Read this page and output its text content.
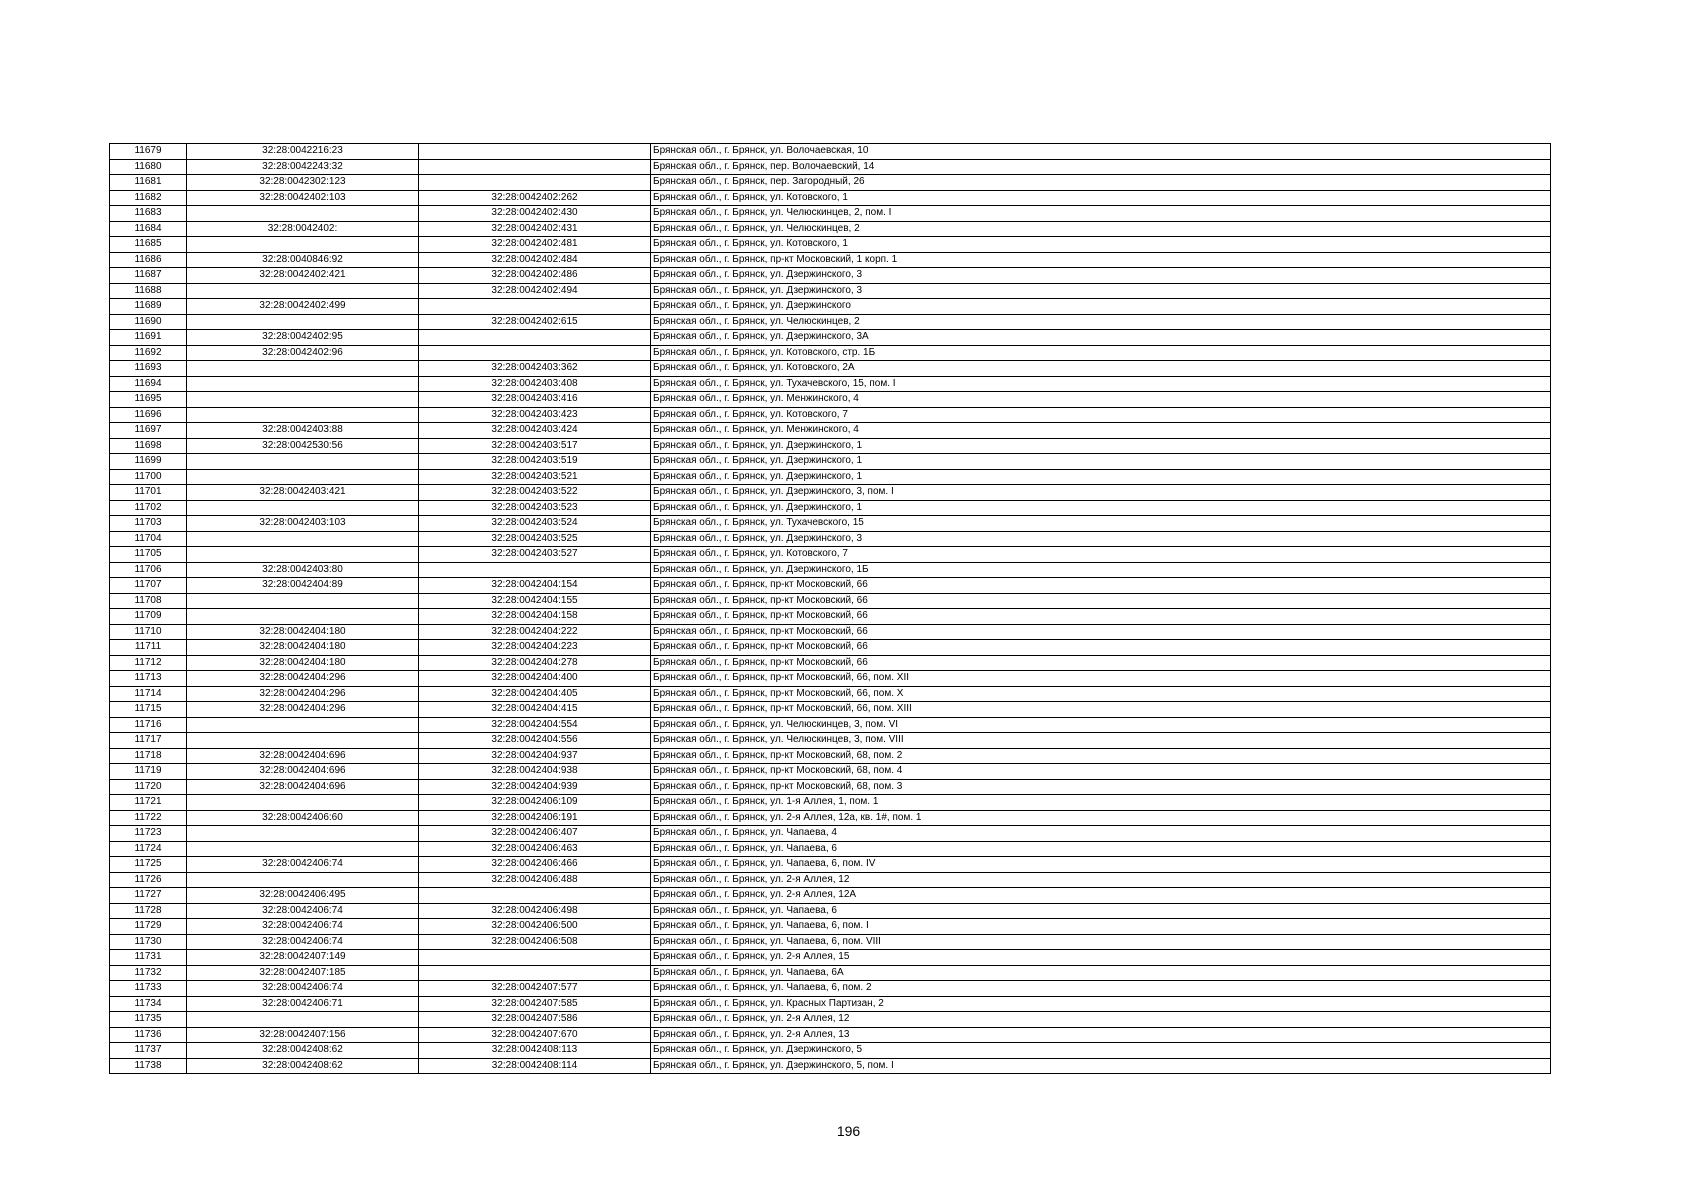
11679	32:28:0042216:23		Брянская обл., г. Брянск, ул. Волочаевская, 10
11680	32:28:0042243:32		Брянская обл., г. Брянск, пер. Волочаевский, 14
11681	32:28:0042302:123		Брянская обл., г. Брянск, пер. Загородный, 26
11682	32:28:0042402:103	32:28:0042402:262	Брянская обл., г. Брянск, ул. Котовского, 1
11683		32:28:0042402:430	Брянская обл., г. Брянск, ул. Челюскинцев, 2, пом. I
11684	32:28:0042402:	32:28:0042402:431	Брянская обл., г. Брянск, ул. Челюскинцев, 2
11685		32:28:0042402:481	Брянская обл., г. Брянск, ул. Котовского, 1
11686	32:28:0040846:92	32:28:0042402:484	Брянская обл., г. Брянск, пр-кт Московский, 1 корп. 1
11687	32:28:0042402:421	32:28:0042402:486	Брянская обл., г. Брянск, ул. Дзержинского, 3
11688		32:28:0042402:494	Брянская обл., г. Брянск, ул. Дзержинского, 3
11689	32:28:0042402:499		Брянская обл., г. Брянск, ул. Дзержинского
11690		32:28:0042402:615	Брянская обл., г. Брянск, ул. Челюскинцев, 2
11691	32:28:0042402:95		Брянская обл., г. Брянск, ул. Дзержинского, 3А
11692	32:28:0042402:96		Брянская обл., г. Брянск, ул. Котовского, стр. 1Б
11693		32:28:0042403:362	Брянская обл., г. Брянск, ул. Котовского, 2А
11694		32:28:0042403:408	Брянская обл., г. Брянск, ул. Тухачевского, 15, пом. I
11695		32:28:0042403:416	Брянская обл., г. Брянск, ул. Менжинского, 4
11696		32:28:0042403:423	Брянская обл., г. Брянск, ул. Котовского, 7
11697	32:28:0042403:88	32:28:0042403:424	Брянская обл., г. Брянск, ул. Менжинского, 4
11698	32:28:0042530:56	32:28:0042403:517	Брянская обл., г. Брянск, ул. Дзержинского, 1
11699		32:28:0042403:519	Брянская обл., г. Брянск, ул. Дзержинского, 1
11700		32:28:0042403:521	Брянская обл., г. Брянск, ул. Дзержинского, 1
11701	32:28:0042403:421	32:28:0042403:522	Брянская обл., г. Брянск, ул. Дзержинского, 3, пом. I
11702		32:28:0042403:523	Брянская обл., г. Брянск, ул. Дзержинского, 1
11703	32:28:0042403:103	32:28:0042403:524	Брянская обл., г. Брянск, ул. Тухачевского, 15
11704		32:28:0042403:525	Брянская обл., г. Брянск, ул. Дзержинского, 3
11705		32:28:0042403:527	Брянская обл., г. Брянск, ул. Котовского, 7
11706	32:28:0042403:80		Брянская обл., г. Брянск, ул. Дзержинского, 1Б
11707	32:28:0042404:89	32:28:0042404:154	Брянская обл., г. Брянск, пр-кт Московский, 66
11708		32:28:0042404:155	Брянская обл., г. Брянск, пр-кт Московский, 66
11709		32:28:0042404:158	Брянская обл., г. Брянск, пр-кт Московский, 66
11710	32:28:0042404:180	32:28:0042404:222	Брянская обл., г. Брянск, пр-кт Московский, 66
11711	32:28:0042404:180	32:28:0042404:223	Брянская обл., г. Брянск, пр-кт Московский, 66
11712	32:28:0042404:180	32:28:0042404:278	Брянская обл., г. Брянск, пр-кт Московский, 66
11713	32:28:0042404:296	32:28:0042404:400	Брянская обл., г. Брянск, пр-кт Московский, 66, пом. XII
11714	32:28:0042404:296	32:28:0042404:405	Брянская обл., г. Брянск, пр-кт Московский, 66, пом. X
11715	32:28:0042404:296	32:28:0042404:415	Брянская обл., г. Брянск, пр-кт Московский, 66, пом. XIII
11716		32:28:0042404:554	Брянская обл., г. Брянск, ул. Челюскинцев, 3, пом. VI
11717		32:28:0042404:556	Брянская обл., г. Брянск, ул. Челюскинцев, 3, пом. VIII
11718	32:28:0042404:696	32:28:0042404:937	Брянская обл., г. Брянск, пр-кт Московский, 68, пом. 2
11719	32:28:0042404:696	32:28:0042404:938	Брянская обл., г. Брянск, пр-кт Московский, 68, пом. 4
11720	32:28:0042404:696	32:28:0042404:939	Брянская обл., г. Брянск, пр-кт Московский, 68, пом. 3
11721		32:28:0042406:109	Брянская обл., г. Брянск, ул. 1-я Аллея, 1, пом. 1
11722	32:28:0042406:60	32:28:0042406:191	Брянская обл., г. Брянск, ул. 2-я Аллея, 12а, кв. 1#, пом. 1
11723		32:28:0042406:407	Брянская обл., г. Брянск, ул. Чапаева, 4
11724		32:28:0042406:463	Брянская обл., г. Брянск, ул. Чапаева, 6
11725	32:28:0042406:74	32:28:0042406:466	Брянская обл., г. Брянск, ул. Чапаева, 6, пом. IV
11726		32:28:0042406:488	Брянская обл., г. Брянск, ул. 2-я Аллея, 12
11727	32:28:0042406:495		Брянская обл., г. Брянск, ул. 2-я Аллея, 12А
11728	32:28:0042406:74	32:28:0042406:498	Брянская обл., г. Брянск, ул. Чапаева, 6
11729	32:28:0042406:74	32:28:0042406:500	Брянская обл., г. Брянск, ул. Чапаева, 6, пом. I
11730	32:28:0042406:74	32:28:0042406:508	Брянская обл., г. Брянск, ул. Чапаева, 6, пом. VIII
11731	32:28:0042407:149		Брянская обл., г. Брянск, ул. 2-я Аллея, 15
11732	32:28:0042407:185		Брянская обл., г. Брянск, ул. Чапаева, 6А
11733	32:28:0042406:74	32:28:0042407:577	Брянская обл., г. Брянск, ул. Чапаева, 6, пом. 2
11734	32:28:0042406:71	32:28:0042407:585	Брянская обл., г. Брянск, ул. Красных Партизан, 2
11735		32:28:0042407:586	Брянская обл., г. Брянск, ул. 2-я Аллея, 12
11736	32:28:0042407:156	32:28:0042407:670	Брянская обл., г. Брянск, ул. 2-я Аллея, 13
11737	32:28:0042408:62	32:28:0042408:113	Брянская обл., г. Брянск, ул. Дзержинского, 5
11738	32:28:0042408:62	32:28:0042408:114	Брянская обл., г. Брянск, ул. Дзержинского, 5, пом. I
196
